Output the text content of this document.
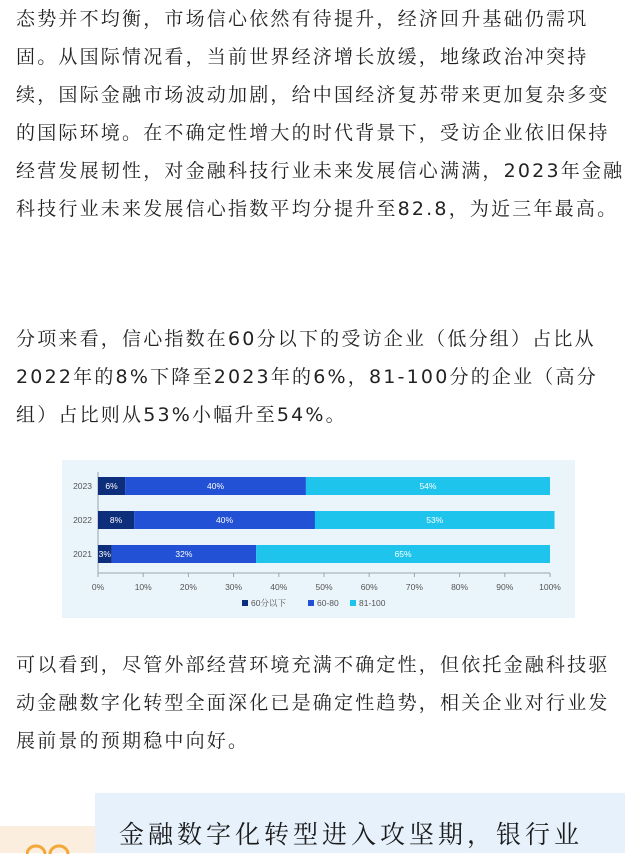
态势并不均衡，市场信心依然有待提升，经济回升基础仍需巩固。从国际情况看，当前世界经济增长放缓，地缘政治冲突持续，国际金融市场波动加剧，给中国经济复苏带来更加复杂多变的国际环境。在不确定性增大的时代背景下，受访企业依旧保持经营发展韧性，对金融科技行业未来发展信心满满，2023年金融科技行业未来发展信心指数平均分提升至82.8，为近三年最高。

0%	10%	20%	30%	40%	50%	60%	70%	80%	90%	100%
2023 6%	40%	54%
2022 8%	40%	53%
2021 3%	32%	65%
60分以下	60-80 81-100

分项来看，信心指数在60分以下的受访企业（低分组）占比从2022年的8%下降至2023年的6%，81-100分的企业（高分组）占比则从53%小幅升至54%。

可以看到，尽管外部经营环境充满不确定性，但依托金融科技驱动金融数字化转型全面深化已是确定性趋势，相关企业对行业发展前景的预期稳中向好。

金融数字化转型进入攻坚期，银行业
